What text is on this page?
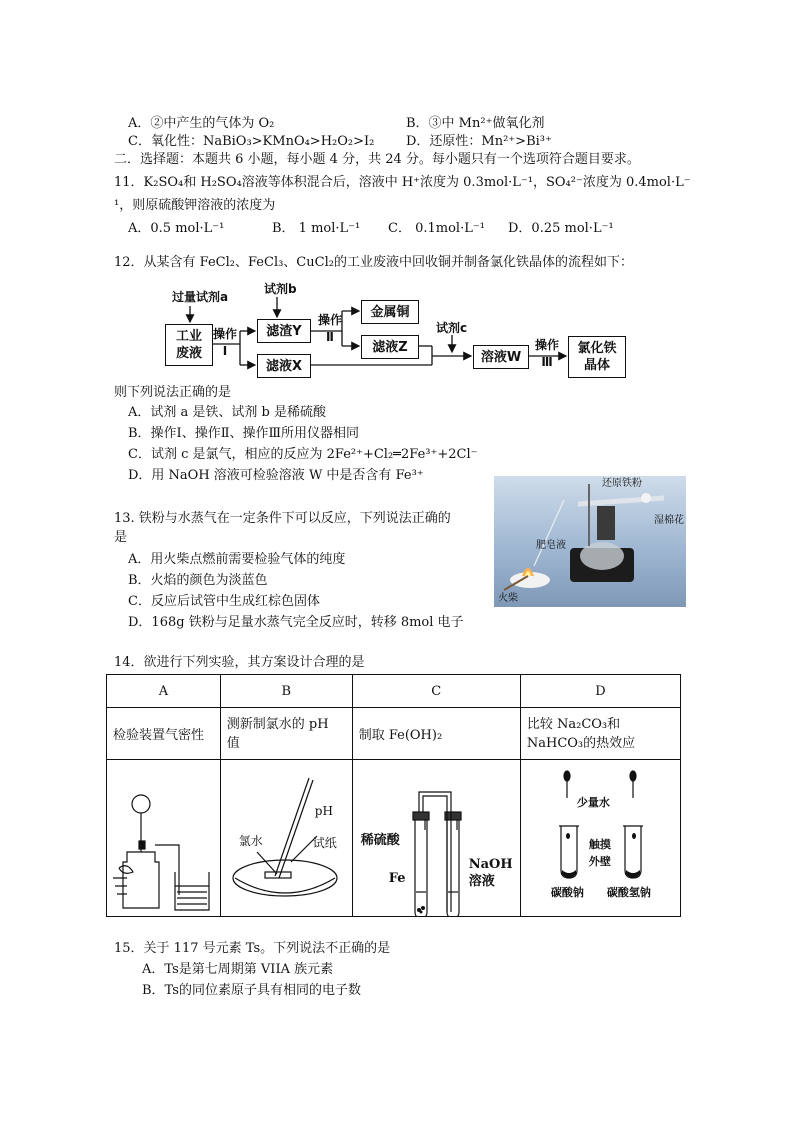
A．②中产生的气体为 O₂	B．③中 Mn²⁺做氧化剂
C．氧化性：NaBiO₃>KMnO₄>H₂O₂>I₂ D．还原性：Mn²⁺>Bi³⁺
二．选择题：本题共 6 小题，每小题 4 分，共 24 分。每小题只有一个选项符合题目要求。
11．K₂SO₄和 H₂SO₄溶液等体积混合后，溶液中 H⁺浓度为 0.3mol·L⁻¹，SO₄²⁻浓度为 0.4mol·L⁻
¹，则原硫酸钾溶液的浓度为
A．0.5 mol·L⁻¹	B． 1 mol·L⁻¹ C． 0.1mol·L⁻¹ D．0.25 mol·L⁻¹
12．从某含有 FeCl₂、FeCl₃、CuCl₂的工业废液中回收铜并制备氯化铁晶体的流程如下：
工业
废液
滤渣Y
滤液X
金属铜
滤液Z
溶液W
氯化铁
晶体
过量试剂a
试剂b
试剂c
操作
Ⅰ
操作
Ⅱ
操作
Ⅲ
则下列说法正确的是
A．试剂 a 是铁、试剂 b 是稀硫酸
B．操作Ⅰ、操作Ⅱ、操作Ⅲ所用仪器相同
C．试剂 c 是氯气，相应的反应为 2Fe²⁺+Cl₂═2Fe³⁺+2Cl⁻
D．用 NaOH 溶液可检验溶液 W 中是否含有 Fe³⁺
还原铁粉
湿棉花
肥皂液
火柴
13. 铁粉与水蒸气在一定条件下可以反应，下列说法正确的
是
A．用火柴点燃前需要检验气体的纯度
B．火焰的颜色为淡蓝色
C．反应后试管中生成红棕色固体
D．168g 铁粉与足量水蒸气完全反应时，转移 8mol 电子
14．欲进行下列实验，其方案设计合理的是
A	B	C	D
检验装置气密性	测新制氯水的 pH 值	制取 Fe(OH)₂	比较 Na₂CO₃和 NaHCO₃的热效应

氯水
pH
试纸	稀硫酸
Fe
NaOH
溶液	少量水
触摸
外壁
碳酸钠 碳酸氢钠
15．关于 117 号元素 Ts。下列说法不正确的是
A．Ts是第七周期第 VIIA 族元素
B．Ts的同位素原子具有相同的电子数
